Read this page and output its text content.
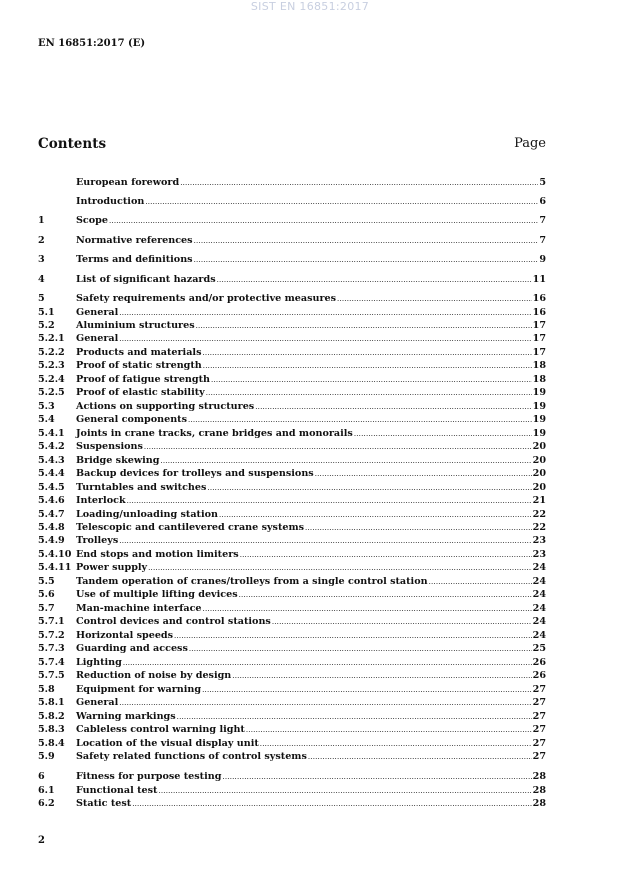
SIST EN 16851:2017
EN 16851:2017 (E)
Contents	Page
European foreword .....	5
Introduction .....	6
1	Scope .....	7
2	Normative references .....	7
3	Terms and definitions .....	9
4	List of significant hazards .....	11
5	Safety requirements and/or protective measures .....	16
5.1	General .....	16
5.2	Aluminium structures .....	17
5.2.1	General .....	17
5.2.2	Products and materials .....	17
5.2.3	Proof of static strength .....	18
5.2.4	Proof of fatigue strength .....	18
5.2.5	Proof of elastic stability .....	19
5.3	Actions on supporting structures .....	19
5.4	General components .....	19
5.4.1	Joints in crane tracks, crane bridges and monorails .....	19
5.4.2	Suspensions .....	20
5.4.3	Bridge skewing .....	20
5.4.4	Backup devices for trolleys and suspensions .....	20
5.4.5	Turntables and switches .....	20
5.4.6	Interlock .....	21
5.4.7	Loading/unloading station .....	22
5.4.8	Telescopic and cantilevered crane systems .....	22
5.4.9	Trolleys .....	23
5.4.10 End stops and motion limiters .....	23
5.4.11 Power supply .....	24
5.5	Tandem operation of cranes/trolleys from a single control station .....	24
5.6	Use of multiple lifting devices .....	24
5.7	Man-machine interface .....	24
5.7.1	Control devices and control stations .....	24
5.7.2	Horizontal speeds .....	24
5.7.3	Guarding and access .....	25
5.7.4	Lighting .....	26
5.7.5	Reduction of noise by design .....	26
5.8	Equipment for warning .....	27
5.8.1	General .....	27
5.8.2	Warning markings .....	27
5.8.3	Cableless control warning light .....	27
5.8.4	Location of the visual display unit .....	27
5.9	Safety related functions of control systems .....	27
6	Fitness for purpose testing .....	28
6.1	Functional test .....	28
6.2	Static test .....	28
2
